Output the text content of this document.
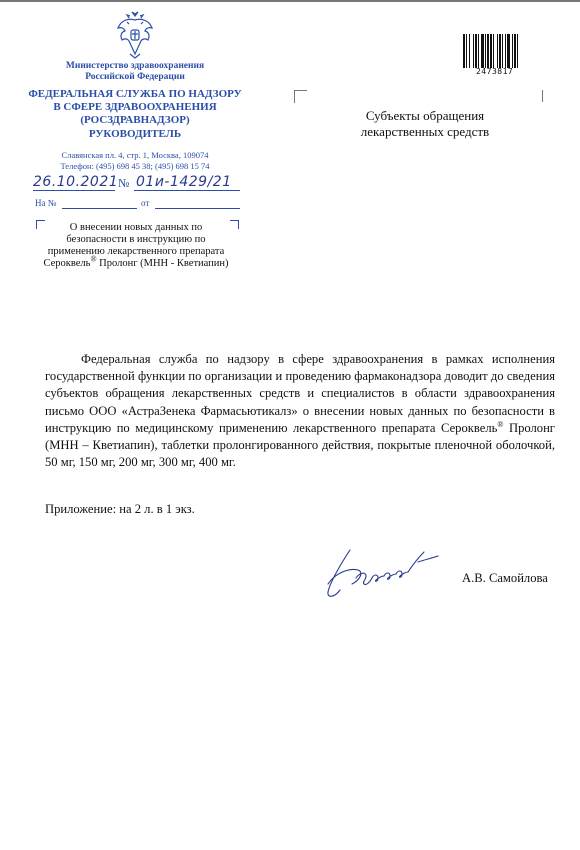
Министерство здравоохранения
Российской Федерации
ФЕДЕРАЛЬНАЯ СЛУЖБА ПО НАДЗОРУ
В СФЕРЕ ЗДРАВООХРАНЕНИЯ
(РОСЗДРАВНАДЗОР)
РУКОВОДИТЕЛЬ
Славянская пл. 4, стр. 1, Москва, 109074
Телефон: (495) 698 45 38; (495) 698 15 74
26.10.2021 № 01и-1429/21
На №	от
О внесении новых данных по
безопасности в инструкцию по
применению лекарственного препарата
Сероквель® Пролонг (МНН - Кветиапин)
2473817
Субъекты обращения
лекарственных средств

Федеральная служба по надзору в сфере здравоохранения в рамках исполнения государственной функции по организации и проведению фармаконадзора доводит до сведения субъектов обращения лекарственных средств и специалистов в области здравоохранения письмо ООО «АстраЗенека Фармасьютикалз» о внесении новых данных по безопасности в инструкцию по медицинскому применению лекарственного препарата Сероквель® Пролонг (МНН – Кветиапин), таблетки пролонгированного действия, покрытые пленочной оболочкой, 50 мг, 150 мг, 200 мг, 300 мг, 400 мг.

Приложение: на 2 л. в 1 экз.
А.В. Самойлова
